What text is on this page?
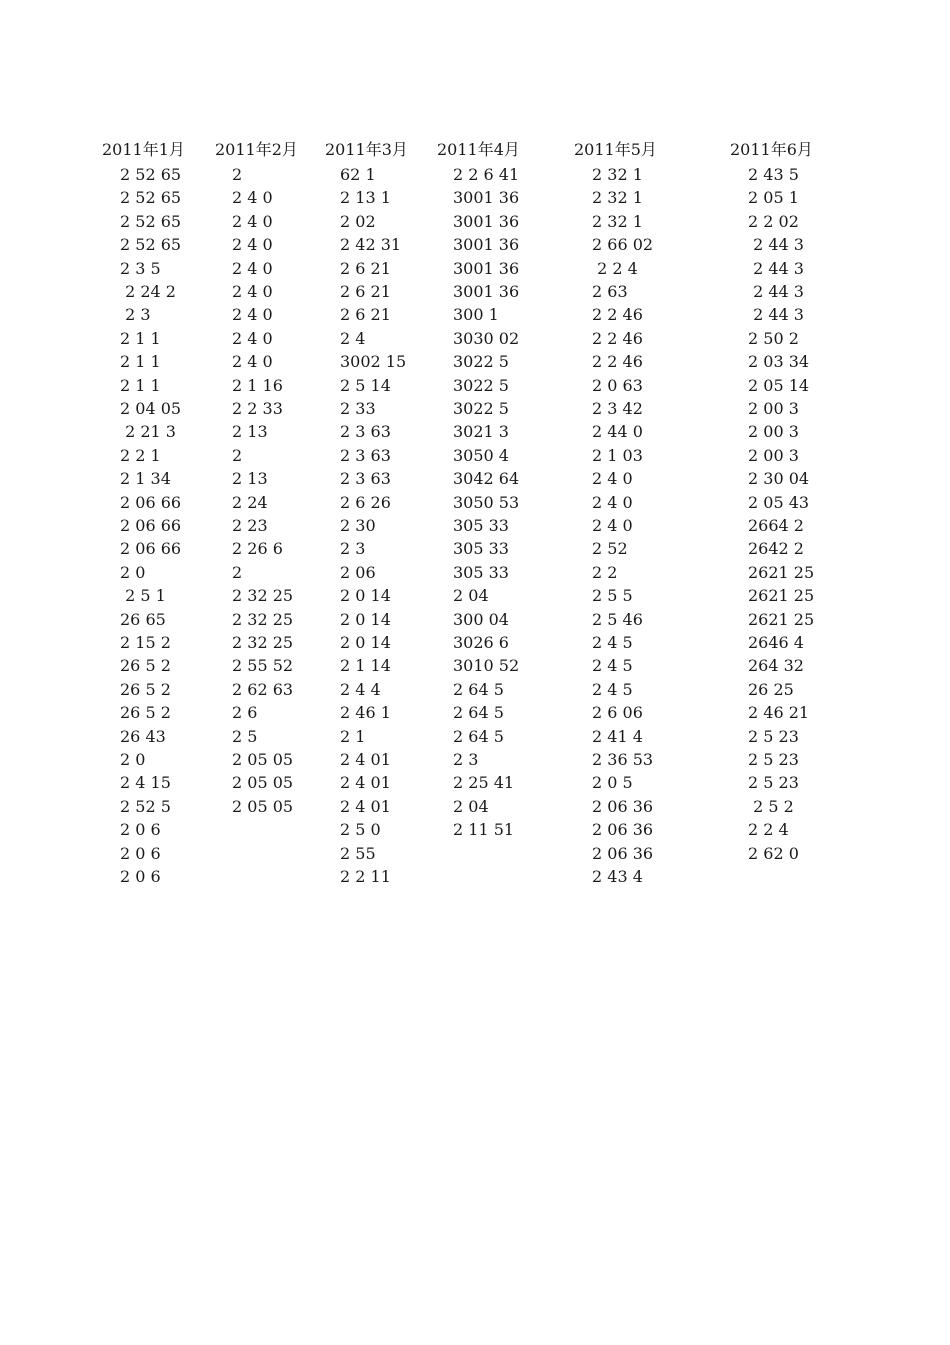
2011年1月 2011年2月 2011年3月 2011年4月	2011年5月	2011年6月
2 52 65
2 52 65
2 52 65
2 52 65
2 3 5
2 24 2
2 3
2 1 1
2 1 1
2 1 1
2 04 05
2 21 3
2 2 1
2 1 34
2 06 66
2 06 66
2 06 66
2 0
2 5 1
26 65
2 15 2
26 5 2
26 5 2
26 5 2
26 43
2 0
2 4 15
2 52 5
2 0 6
2 0 6
2 0 6
2
2 4 0
2 4 0
2 4 0
2 4 0
2 4 0
2 4 0
2 4 0
2 4 0
2 1 16
2 2 33
2 13
2
2 13
2 24
2 23
2 26 6
2
2 32 25
2 32 25
2 32 25
2 55 52
2 62 63
2 6
2 5
2 05 05
2 05 05
2 05 05
62 1
2 13 1
2 02
2 42 31
2 6 21
2 6 21
2 6 21
2 4
3002 15
2 5 14
2 33
2 3 63
2 3 63
2 3 63
2 6 26
2 30
2 3
2 06
2 0 14
2 0 14
2 0 14
2 1 14
2 4 4
2 46 1
2 1
2 4 01
2 4 01
2 4 01
2 5 0
2 55
2 2 11
2 2 6 41
3001 36
3001 36
3001 36
3001 36
3001 36
300 1
3030 02
3022 5
3022 5
3022 5
3021 3
3050 4
3042 64
3050 53
305 33
305 33
305 33
2 04
300 04
3026 6
3010 52
2 64 5
2 64 5
2 64 5
2 3
2 25 41
2 04
2 11 51
2 32 1
2 32 1
2 32 1
2 66 02
2 2 4
2 63
2 2 46
2 2 46
2 2 46
2 0 63
2 3 42
2 44 0
2 1 03
2 4 0
2 4 0
2 4 0
2 52
2 2
2 5 5
2 5 46
2 4 5
2 4 5
2 4 5
2 6 06
2 41 4
2 36 53
2 0 5
2 06 36
2 06 36
2 06 36
2 43 4
2 43 5
2 05 1
2 2 02
2 44 3
2 44 3
2 44 3
2 44 3
2 50 2
2 03 34
2 05 14
2 00 3
2 00 3
2 00 3
2 30 04
2 05 43
2664 2
2642 2
2621 25
2621 25
2621 25
2646 4
264 32
26 25
2 46 21
2 5 23
2 5 23
2 5 23
2 5 2
2 2 4
2 62 0
